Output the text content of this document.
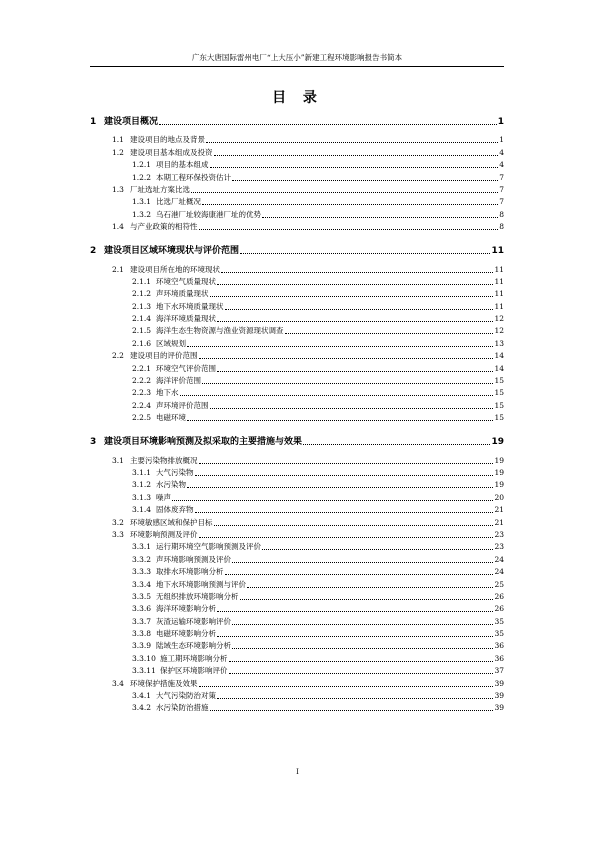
广东大唐国际雷州电厂“上大压小”新建工程环境影响报告书简本
目 录
1 建设项目概况	1
1.1 建设项目的地点及背景	1
1.2 建设项目基本组成及投资	4
1.2.1 项目的基本组成	4
1.2.2 本期工程环保投资估计	7
1.3 厂址选址方案比选	7
1.3.1 比选厂址概况	7
1.3.2 乌石港厂址较海康港厂址的优势	8
1.4 与产业政策的相符性	8
2 建设项目区域环境现状与评价范围	11
2.1 建设项目所在地的环境现状	11
2.1.1 环境空气质量现状	11
2.1.2 声环境质量现状	11
2.1.3 地下水环境质量现状	11
2.1.4 海洋环境质量现状	12
2.1.5 海洋生态生物资源与渔业资源现状调查	12
2.1.6 区域规划	13
2.2 建设项目的评价范围	14
2.2.1 环境空气评价范围	14
2.2.2 海洋评价范围	15
2.2.3 地下水	15
2.2.4 声环境评价范围	15
2.2.5 电磁环境	15
3 建设项目环境影响预测及拟采取的主要措施与效果	19
3.1 主要污染物排放概况	19
3.1.1 大气污染物	19
3.1.2 水污染物	19
3.1.3 噪声	20
3.1.4 固体废弃物	21
3.2 环境敏感区域和保护目标	21
3.3 环境影响预测及评价	23
3.3.1 运行期环境空气影响预测及评价	23
3.3.2 声环境影响预测及评价	24
3.3.3 取排水环境影响分析	24
3.3.4 地下水环境影响预测与评价	25
3.3.5 无组织排放环境影响分析	26
3.3.6 海洋环境影响分析	26
3.3.7 灰渣运输环境影响评价	35
3.3.8 电磁环境影响分析	35
3.3.9 陆域生态环境影响分析	36
3.3.10 施工期环境影响分析	36
3.3.11 保护区环境影响评价	37
3.4 环境保护措施及效果	39
3.4.1 大气污染防治对策	39
3.4.2 水污染防治措施	39
I
